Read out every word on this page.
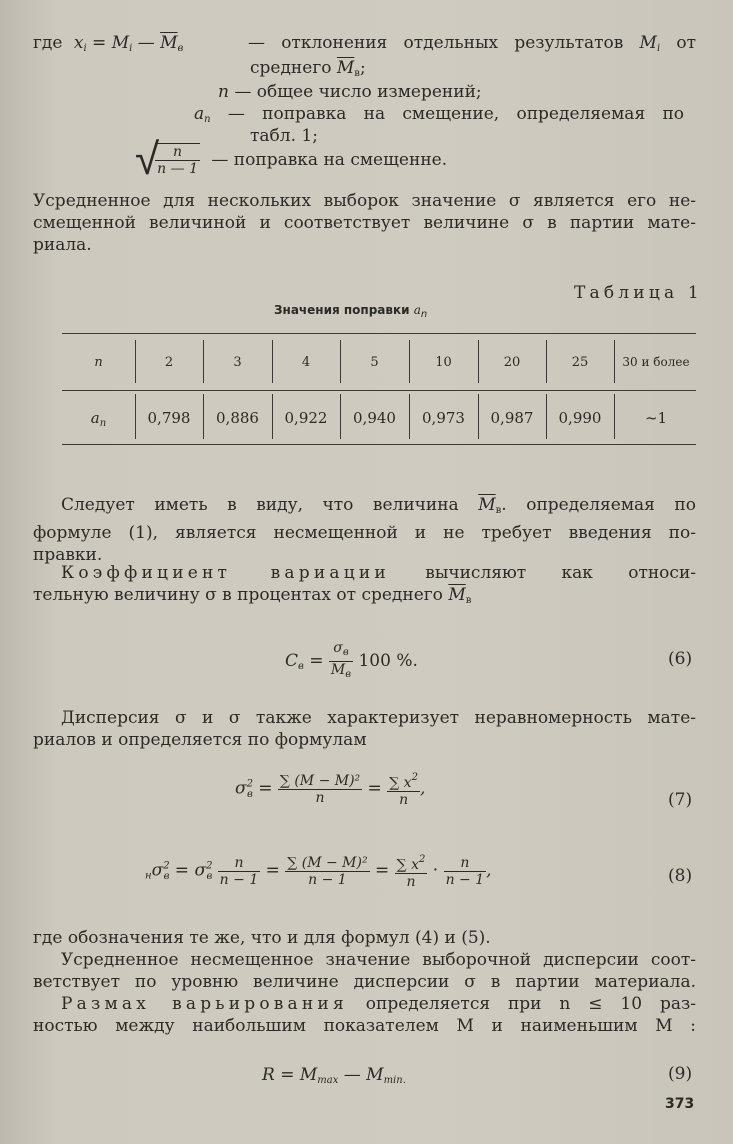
где $x_i = M_i$ — $\overline{M}_в$	— отклонения отдельных результатов $M_i$ от
среднего $\overline{M}_в$;
n — общее число измерений;
$a_n$ — поправка на смещение, определяемая по
табл. 1;
√
$\frac{n}{n — 1}$ — поправка на смещенне.
Усредненное для нескольких выборок значение σ является его не-
смещенной величиной и соответствует величине σ в партии мате-
риала.
Таблица 1
Значения поправки $a_n$
n	2	3	4	5	10	20	25	30 и более
$a_n$	0,798	0,886	0,922	0,940	0,973	0,987	0,990	~1
Следует иметь в виду, что величина $\overline{M}_в$. определяемая по
формуле (1), является несмещенной и не требует введения по-
правки.
Коэффициент вариации вычисляют как относи-
тельную величину σ в процентах от среднего $\overline{M}_в$
$C_в = \frac{\sigma_в}{M_в} 100$ %.	(6)
Дисперсия σ и σ также характеризует неравномерность мате-
риалов и определяется по формулам
$\sigma^2_в = \frac{\text{∑ (M − M)²}}{n} = \frac{\sum x^2}{n}$ ,
(7)
$_н\sigma^2_в = \sigma^2_в \frac{n}{n - 1} = \frac{\text{∑ (M − M)²}}{n - 1} = \frac{\sum x^2}{n} \cdot \frac{n}{n - 1}$ ,	(8)
где обозначения те же, что и для формул (4) и (5).
Усредненное несмещенное значение выборочной дисперсии соот-
ветствует по уровню величине дисперсии σ в партии материала.
Размах варьирования определяется при n ≤ 10 раз-
ностью между наибольшим показателем M и наименьшим M :
$R = M_{max}$ — $M_{min.}$	(9)
373
